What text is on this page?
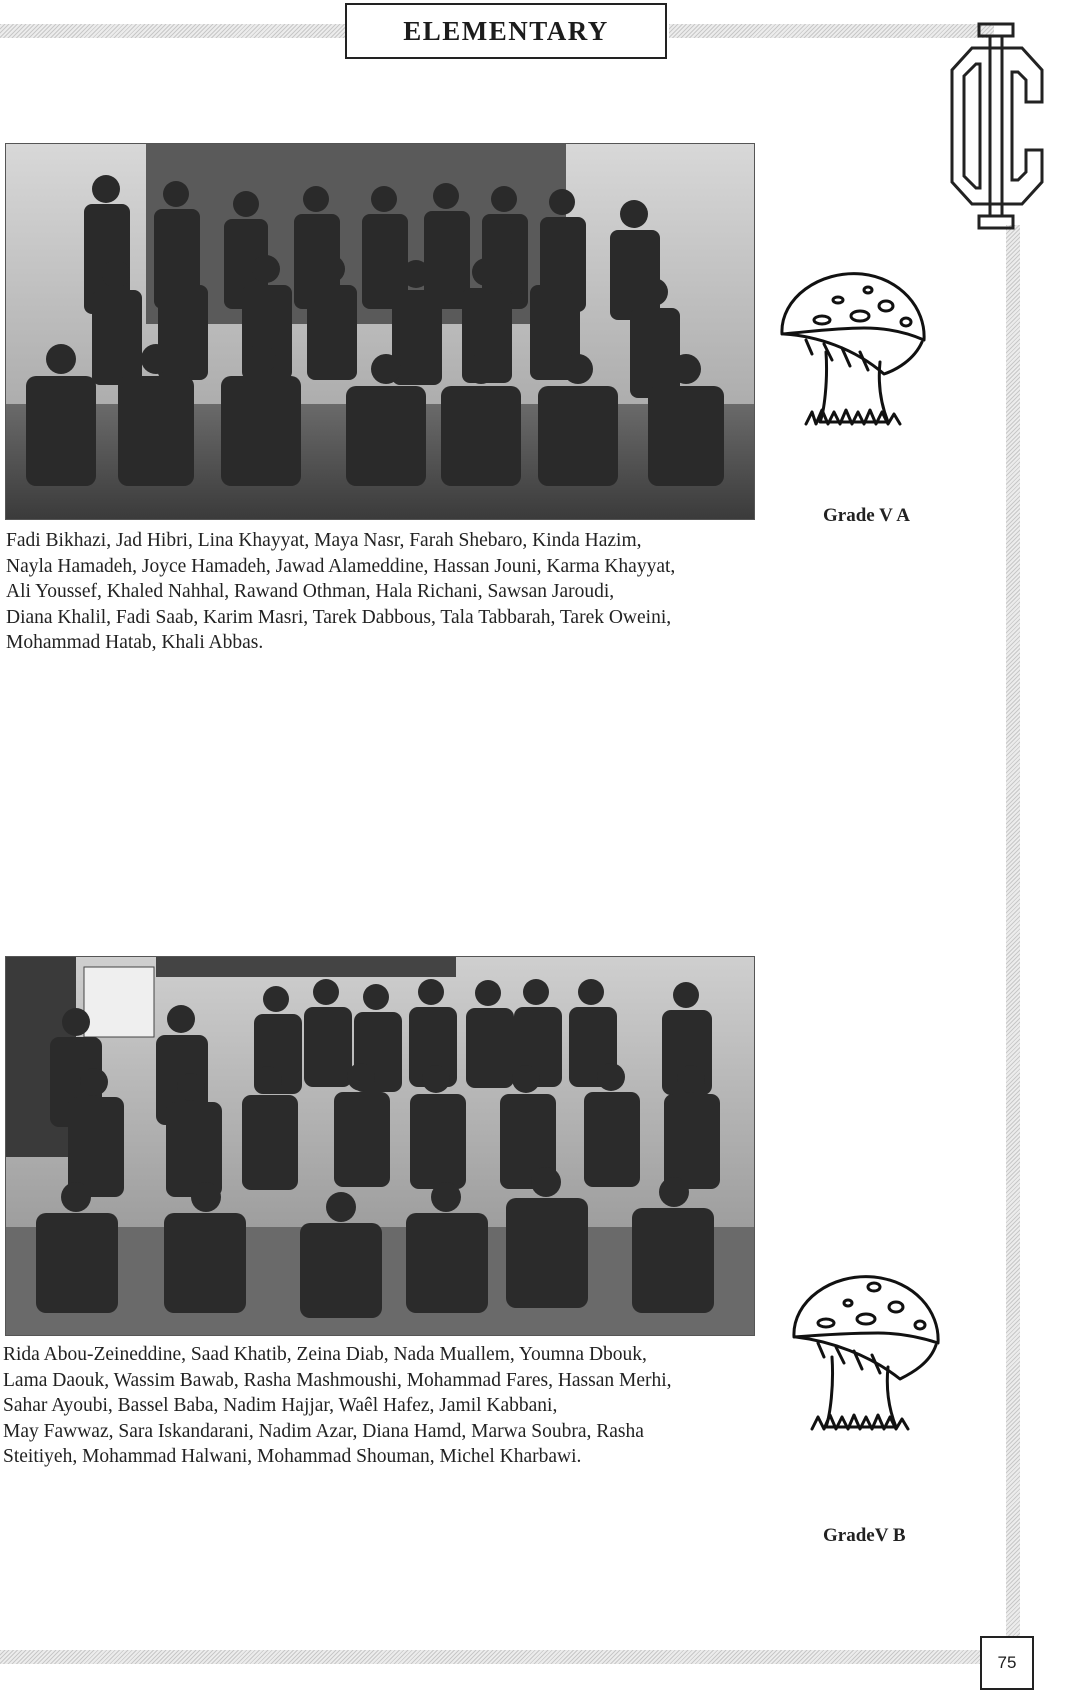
ELEMENTARY

Fadi Bikhazi, Jad Hibri, Lina Khayyat, Maya Nasr, Farah Shebaro, Kinda Hazim,

Nayla Hamadeh, Joyce Hamadeh, Jawad Alameddine, Hassan Jouni, Karma Khayyat,

Ali Youssef, Khaled Nahhal, Rawand Othman, Hala Richani, Sawsan Jaroudi,

Diana Khalil, Fadi Saab, Karim Masri, Tarek Dabbous, Tala Tabbarah, Tarek Oweini,

Mohammad Hatab, Khali Abbas.

Grade V A

Rida Abou-Zeineddine, Saad Khatib, Zeina Diab, Nada Muallem, Youmna Dbouk,

Lama Daouk, Wassim Bawab, Rasha Mashmoushi, Mohammad Fares, Hassan Merhi,

Sahar Ayoubi, Bassel Baba, Nadim Hajjar, Waêl Hafez, Jamil Kabbani,

May Fawwaz, Sara Iskandarani, Nadim Azar, Diana Hamd, Marwa Soubra, Rasha

Steitiyeh, Mohammad Halwani, Mohammad Shouman, Michel Kharbawi.

GradeV B
75
